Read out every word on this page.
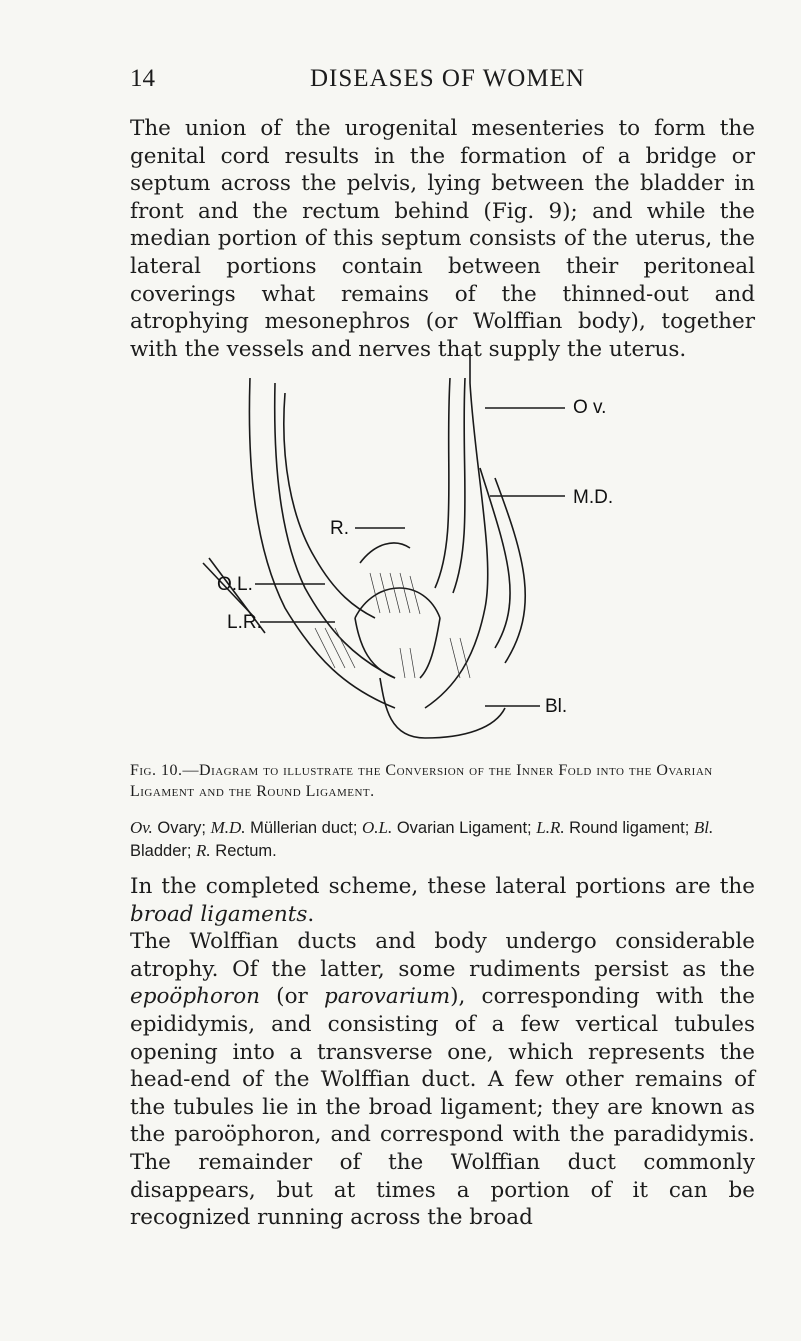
14	DISEASES OF WOMEN

The union of the urogenital mesenteries to form the genital cord results in the formation of a bridge or septum across the pelvis, lying between the bladder in front and the rectum behind (Fig. 9); and while the median portion of this septum consists of the uterus, the lateral portions contain between their peritoneal coverings what remains of the thinned-out and atrophying mesonephros (or Wolffian body), together with the vessels and nerves that supply the uterus.

O v.
M.D.
R.
O.L.
L.R.
Bl.
Fig. 10.—Diagram to illustrate the Conversion of the Inner Fold into the Ovarian Ligament and the Round Ligament.
Ov. Ovary; M.D. Müllerian duct; O.L. Ovarian Ligament; L.R. Round ligament; Bl. Bladder; R. Rectum.

In the completed scheme, these lateral portions are the broad ligaments.

The Wolffian ducts and body undergo considerable atrophy. Of the latter, some rudiments persist as the epoöphoron (or parovarium), corresponding with the epididymis, and consisting of a few vertical tubules opening into a transverse one, which represents the head-end of the Wolffian duct. A few other remains of the tubules lie in the broad ligament; they are known as the paroöphoron, and correspond with the paradidymis. The remainder of the Wolffian duct commonly disappears, but at times a portion of it can be recognized running across the broad
